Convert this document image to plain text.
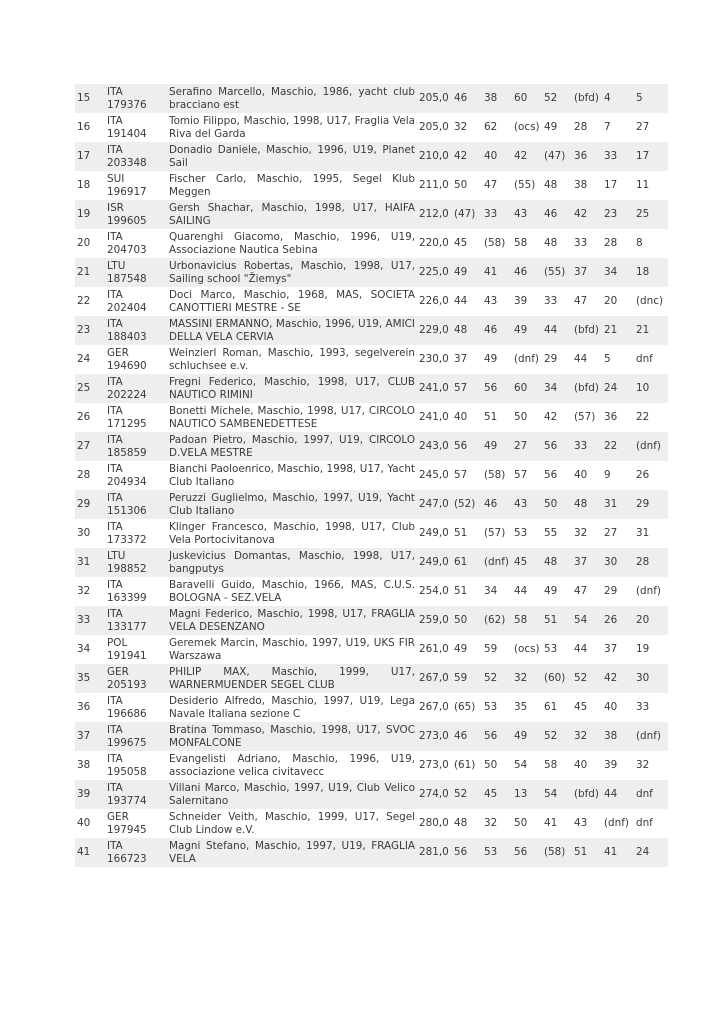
15	ITA 179376	Serafino Marcello, Maschio, 1986, yacht club bracciano est	205,0	46	38	60	52	(bfd)	4	5
16	ITA 191404	Tomio Filippo, Maschio, 1998, U17, Fraglia Vela Riva del Garda	205,0	32	62	(ocs)	49	28	7	27
17	ITA 203348	Donadio Daniele, Maschio, 1996, U19, Planet Sail	210,0	42	40	42	(47)	36	33	17
18	SUI 196917	Fischer Carlo, Maschio, 1995, Segel Klub Meggen	211,0	50	47	(55)	48	38	17	11
19	ISR 199605	Gersh Shachar, Maschio, 1998, U17, HAIFA SAILING	212,0	(47)	33	43	46	42	23	25
20	ITA 204703	Quarenghi Giacomo, Maschio, 1996, U19, Associazione Nautica Sebina	220,0	45	(58)	58	48	33	28	8
21	LTU 187548	Urbonavicius Robertas, Maschio, 1998, U17, Sailing school "Žiemys"	225,0	49	41	46	(55)	37	34	18
22	ITA 202404	Doci Marco, Maschio, 1968, MAS, SOCIETA CANOTTIERI MESTRE - SE	226,0	44	43	39	33	47	20	(dnc)
23	ITA 188403	MASSINI ERMANNO, Maschio, 1996, U19, AMICI DELLA VELA CERVIA	229,0	48	46	49	44	(bfd)	21	21
24	GER 194690	Weinzierl Roman, Maschio, 1993, segelverein schluchsee e.v.	230,0	37	49	(dnf)	29	44	5	dnf
25	ITA 202224	Fregni Federico, Maschio, 1998, U17, CLUB NAUTICO RIMINI	241,0	57	56	60	34	(bfd)	24	10
26	ITA 171295	Bonetti Michele, Maschio, 1998, U17, CIRCOLO NAUTICO SAMBENEDETTESE	241,0	40	51	50	42	(57)	36	22
27	ITA 185859	Padoan Pietro, Maschio, 1997, U19, CIRCOLO D.VELA MESTRE	243,0	56	49	27	56	33	22	(dnf)
28	ITA 204934	Bianchi Paoloenrico, Maschio, 1998, U17, Yacht Club Italiano	245,0	57	(58)	57	56	40	9	26
29	ITA 151306	Peruzzi Guglielmo, Maschio, 1997, U19, Yacht Club Italiano	247,0	(52)	46	43	50	48	31	29
30	ITA 173372	Klinger Francesco, Maschio, 1998, U17, Club Vela Portocivitanova	249,0	51	(57)	53	55	32	27	31
31	LTU 198852	Juskevicius Domantas, Maschio, 1998, U17, bangputys	249,0	61	(dnf)	45	48	37	30	28
32	ITA 163399	Baravelli Guido, Maschio, 1966, MAS, C.U.S. BOLOGNA - SEZ.VELA	254,0	51	34	44	49	47	29	(dnf)
33	ITA 133177	Magni Federico, Maschio, 1998, U17, FRAGLIA VELA DESENZANO	259,0	50	(62)	58	51	54	26	20
34	POL 191941	Geremek Marcin, Maschio, 1997, U19, UKS FIR Warszawa	261,0	49	59	(ocs)	53	44	37	19
35	GER 205193	PHILIP MAX, Maschio, 1999, U17, WARNERMUENDER SEGEL CLUB	267,0	59	52	32	(60)	52	42	30
36	ITA 196686	Desiderio Alfredo, Maschio, 1997, U19, Lega Navale Italiana sezione C	267,0	(65)	53	35	61	45	40	33
37	ITA 199675	Bratina Tommaso, Maschio, 1998, U17, SVOC MONFALCONE	273,0	46	56	49	52	32	38	(dnf)
38	ITA 195058	Evangelisti Adriano, Maschio, 1996, U19, associazione velica civitavecc	273,0	(61)	50	54	58	40	39	32
39	ITA 193774	Villani Marco, Maschio, 1997, U19, Club Velico Salernitano	274,0	52	45	13	54	(bfd)	44	dnf
40	GER 197945	Schneider Veith, Maschio, 1999, U17, Segel Club Lindow e.V.	280,0	48	32	50	41	43	(dnf)	dnf
41	ITA 166723	Magni Stefano, Maschio, 1997, U19, FRAGLIA VELA	281,0	56	53	56	(58)	51	41	24
